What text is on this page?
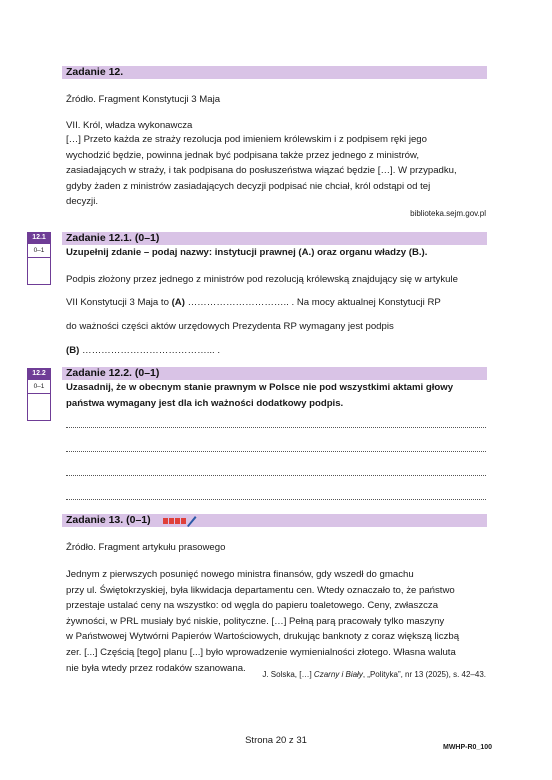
Zadanie 12.
Źródło. Fragment Konstytucji 3 Maja
VII. Król, władza wykonawcza
[…] Przeto każda ze straży rezolucja pod imieniem królewskim i z podpisem ręki jego
wychodzić będzie, powinna jednak być podpisana także przez jednego z ministrów,
zasiadających w straży, i tak podpisana do posłuszeństwa wiązać będzie […]. W przypadku,
gdyby żaden z ministrów zasiadających decyzji podpisać nie chciał, król odstąpi od tej
decyzji.
biblioteka.sejm.gov.pl
12.1
0–1
Zadanie 12.1. (0–1)
Uzupełnij zdanie – podaj nazwy: instytucji prawnej (A.) oraz organu władzy (B.).
Podpis złożony przez jednego z ministrów pod rezolucją królewską znajdujący się w artykule
VII Konstytucji 3 Maja to (A) ………………………….. . Na mocy aktualnej Konstytucji RP
do ważności części aktów urzędowych Prezydenta RP wymagany jest podpis
(B) …………………………………... .
12.2
0–1
Zadanie 12.2. (0–1)
Uzasadnij, że w obecnym stanie prawnym w Polsce nie pod wszystkimi aktami głowy
państwa wymagany jest dla ich ważności dodatkowy podpis.
Zadanie 13. (0–1)
Źródło. Fragment artykułu prasowego
Jednym z pierwszych posunięć nowego ministra finansów, gdy wszedł do gmachu
przy ul. Świętokrzyskiej, była likwidacja departamentu cen. Wtedy oznaczało to, że państwo
przestaje ustalać ceny na wszystko: od węgla do papieru toaletowego. Ceny, zwłaszcza
żywności, w PRL musiały być niskie, polityczne. […] Pełną parą pracowały tylko maszyny
w Państwowej Wytwórni Papierów Wartościowych, drukując banknoty z coraz większą liczbą
zer. [...] Częścią [tego] planu [...] było wprowadzenie wymienialności złotego. Własna waluta
nie była wtedy przez rodaków szanowana.
J. Solska, […] Czarny i Biały, „Polityka”, nr 13 (2025), s. 42–43.
Strona 20 z 31
MWHP-R0_100
